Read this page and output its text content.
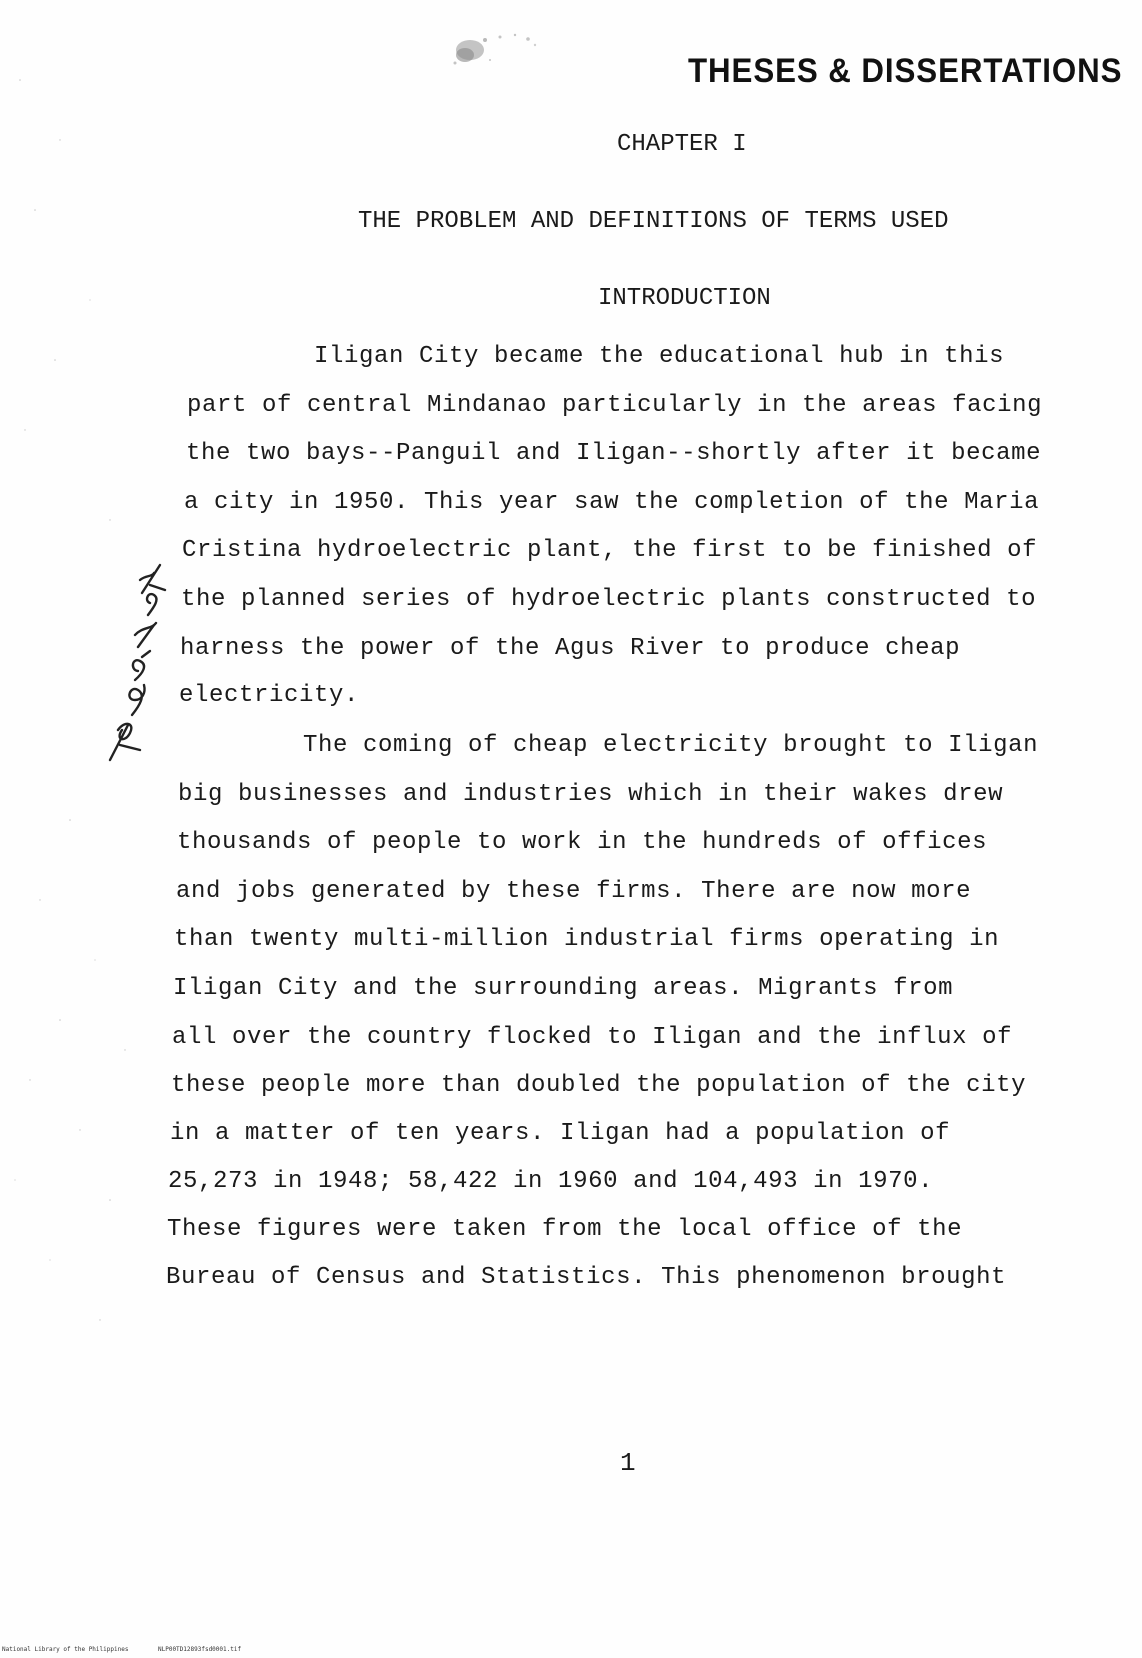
THESES & DISSERTATIONS
CHAPTER I
THE PROBLEM AND DEFINITIONS OF TERMS USED
INTRODUCTION
Iligan City became the educational hub in this
part of central Mindanao particularly in the areas facing
the two bays--Panguil and Iligan--shortly after it became
a city in 1950. This year saw the completion of the Maria
Cristina hydroelectric plant, the first to be finished of
the planned series of hydroelectric plants constructed to
harness the power of the Agus River to produce cheap
electricity.
The coming of cheap electricity brought to Iligan
big businesses and industries which in their wakes drew
thousands of people to work in the hundreds of offices
and jobs generated by these firms. There are now more
than twenty multi-million industrial firms operating in
Iligan City and the surrounding areas. Migrants from
all over the country flocked to Iligan and the influx of
these people more than doubled the population of the city
in a matter of ten years. Iligan had a population of
25,273 in 1948; 58,422 in 1960 and 104,493 in 1970.
These figures were taken from the local office of the
Bureau of Census and Statistics. This phenomenon brought
1
National Library of the Philippines	NLP00TD12893fsd0001.tif
